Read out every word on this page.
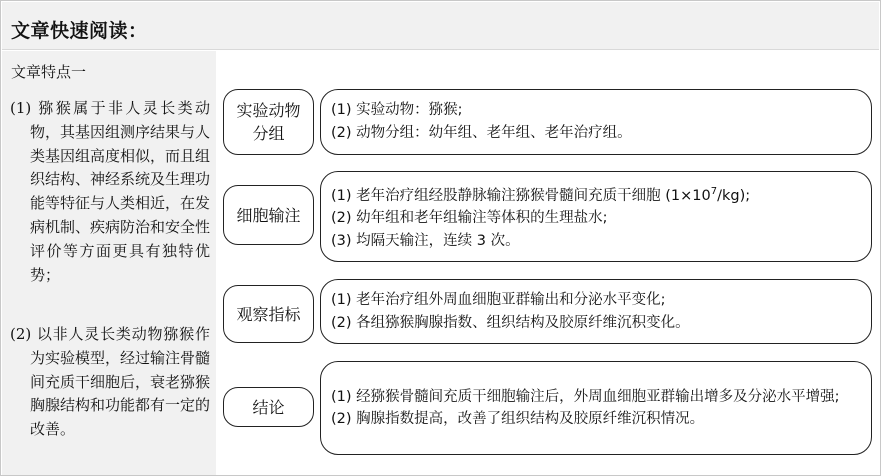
文章快速阅读：
文章特点一
(1) 猕猴属于非人灵长类动物，其基因组测序结果与人类基因组高度相似，而且组织结构、神经系统及生理功能等特征与人类相近，在发病机制、疾病防治和安全性评价等方面更具有独特优势；
(2) 以非人灵长类动物猕猴作为实验模型，经过输注骨髓间充质干细胞后，衰老猕猴胸腺结构和功能都有一定的改善。
实验动物分组
(1) 实验动物：猕猴;
(2) 动物分组：幼年组、老年组、老年治疗组。
细胞输注
(1) 老年治疗组经股静脉输注猕猴骨髓间充质干细胞 $(1\times 10^7/kg)$;
(2) 幼年组和老年组输注等体积的生理盐水;
(3) 均隔天输注，连续 3 次。
观察指标
(1) 老年治疗组外周血细胞亚群输出和分泌水平变化;
(2) 各组猕猴胸腺指数、组织结构及胶原纤维沉积变化。
结论
(1) 经猕猴骨髓间充质干细胞输注后，外周血细胞亚群输出增多及分泌水平增强;
(2) 胸腺指数提高，改善了组织结构及胶原纤维沉积情况。
